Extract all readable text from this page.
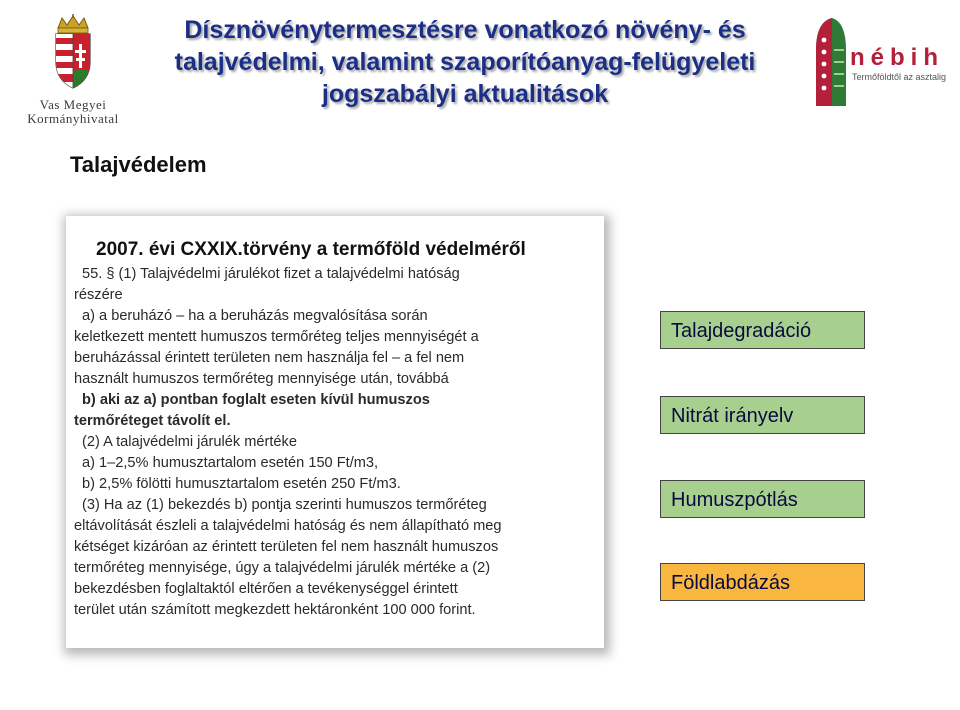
Vas Megyei
Kormányhivatal
Dísznövénytermesztésre vonatkozó növény- és
talajvédelmi, valamint szaporítóanyag-felügyeleti
jogszabályi aktualitások
nébih
Termőföldtől az asztalig
Talajvédelem
2007. évi CXXIX.törvény a termőföld védelméről

55. § (1) Talajvédelmi járulékot fizet a talajvédelmi hatóság

részére

a) a beruházó – ha a beruházás megvalósítása során

keletkezett mentett humuszos termőréteg teljes mennyiségét a

beruházással érintett területen nem használja fel – a fel nem

használt humuszos termőréteg mennyisége után, továbbá

b) aki az a) pontban foglalt eseten kívül humuszos

termőréteget távolít el.

(2) A talajvédelmi járulék mértéke

a) 1–2,5% humusztartalom esetén 150 Ft/m3,

b) 2,5% fölötti humusztartalom esetén 250 Ft/m3.

(3) Ha az (1) bekezdés b) pontja szerinti humuszos termőréteg

eltávolítását észleli a talajvédelmi hatóság és nem állapítható meg

kétséget kizáróan az érintett területen fel nem használt humuszos

termőréteg mennyisége, úgy a talajvédelmi járulék mértéke a (2)

bekezdésben foglaltaktól eltérően a tevékenységgel érintett

terület után számított megkezdett hektáronként 100 000 forint.

Talajdegradáció
Nitrát irányelv
Humuszpótlás
Földlabdázás
